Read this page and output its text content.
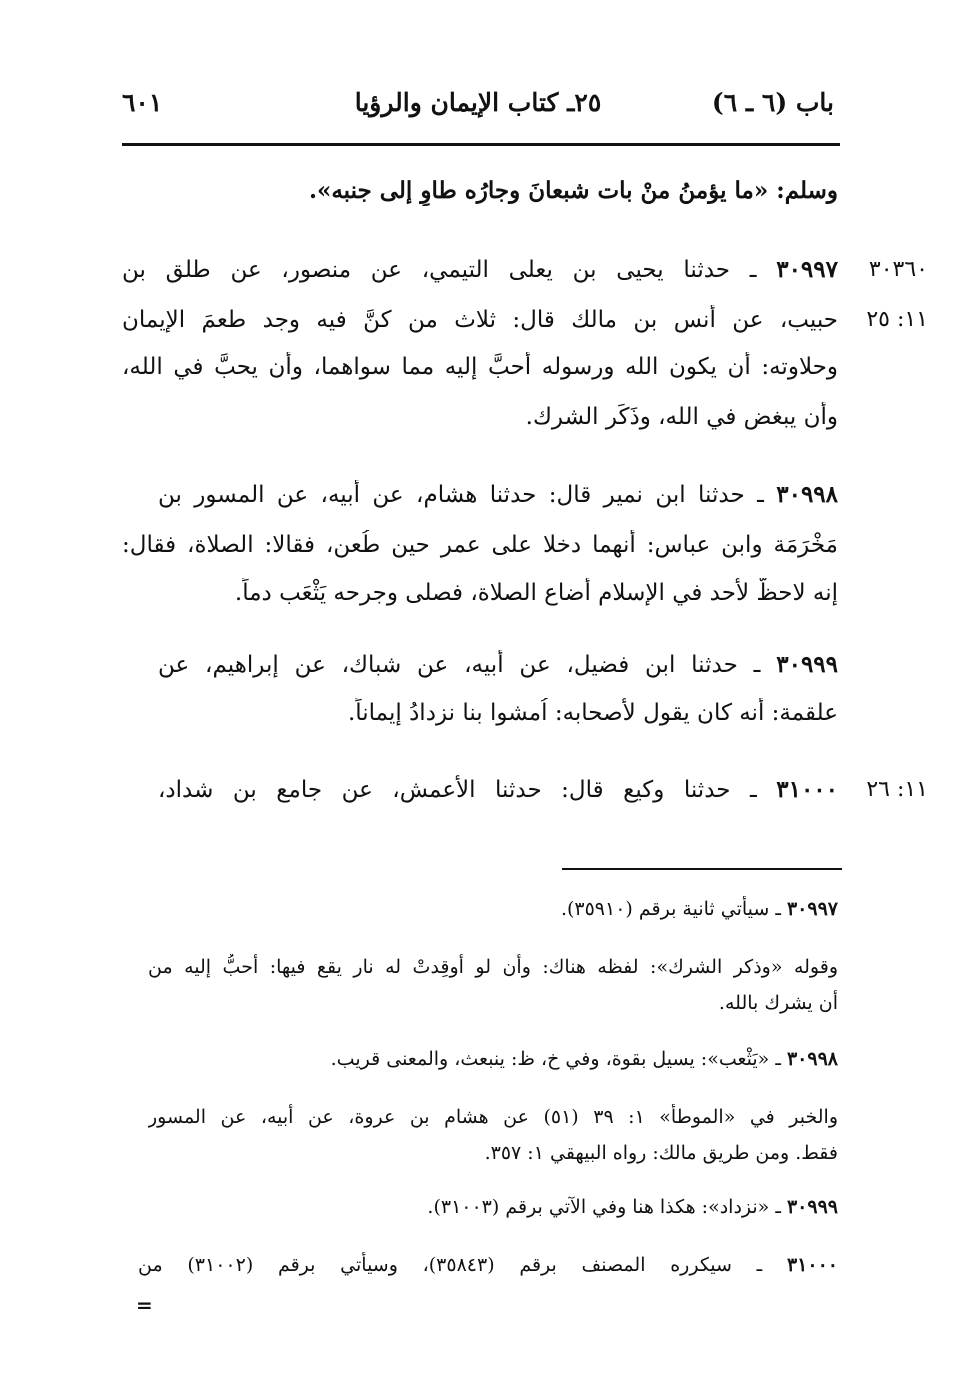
باب (٦ ـ ٦)
٢٥ـ كتاب الإيمان والرؤيا
٦٠١
وسلم: «ما يؤمنُ منْ بات شبعانَ وجارُه طاوٍ إلى جنبه».
٣٠٣٦٠
١١: ٢٥
١١: ٢٦
٣٠٩٩٧ ـ حدثنا يحيى بن يعلى التيمي، عن منصور، عن طلق بن
حبيب، عن أنس بن مالك قال: ثلاث من كنَّ فيه وجد طعمَ الإيمان
وحلاوته: أن يكون الله ورسوله أحبَّ إليه مما سواهما، وأن يحبَّ في الله،
وأن يبغض في الله، وذَكَر الشرك.
٣٠٩٩٨ ـ حدثنا ابن نمير قال: حدثنا هشام، عن أبيه، عن المسور بن
مَخْرَمَة وابن عباس: أنهما دخلا على عمر حين طُعن، فقالا: الصلاة، فقال:
إنه لاحظَّ لأحد في الإسلام أضاع الصلاة، فصلى وجرحه يَثْعَب دماً.
٣٠٩٩٩ ـ حدثنا ابن فضيل، عن أبيه، عن شباك، عن إبراهيم، عن
علقمة: أنه كان يقول لأصحابه: اُمشوا بنا نزدادُ إيماناً.
٣١٠٠٠ ـ حدثنا وكيع قال: حدثنا الأعمش، عن جامع بن شداد،
٣٠٩٩٧ ـ سيأتي ثانية برقم (٣٥٩١٠).
وقوله «وذكر الشرك»: لفظه هناك: وأن لو أُوقِدتْ له نار يقع فيها: أحبُّ إليه من
أن يشرك بالله.
٣٠٩٩٨ ـ «يَثْعب»: يسيل بقوة، وفي خ، ظ: ينبعث، والمعنى قريب.
والخبر في «الموطأ» ١: ٣٩ (٥١) عن هشام بن عروة، عن أبيه، عن المسور
فقط. ومن طريق مالك: رواه البيهقي ١: ٣٥٧.
٣٠٩٩٩ ـ «نزداد»: هكذا هنا وفي الآتي برقم (٣١٠٠٣).
٣١٠٠٠ ـ سيكرره المصنف برقم (٣٥٨٤٣)، وسيأتي برقم (٣١٠٠٢) من
=
